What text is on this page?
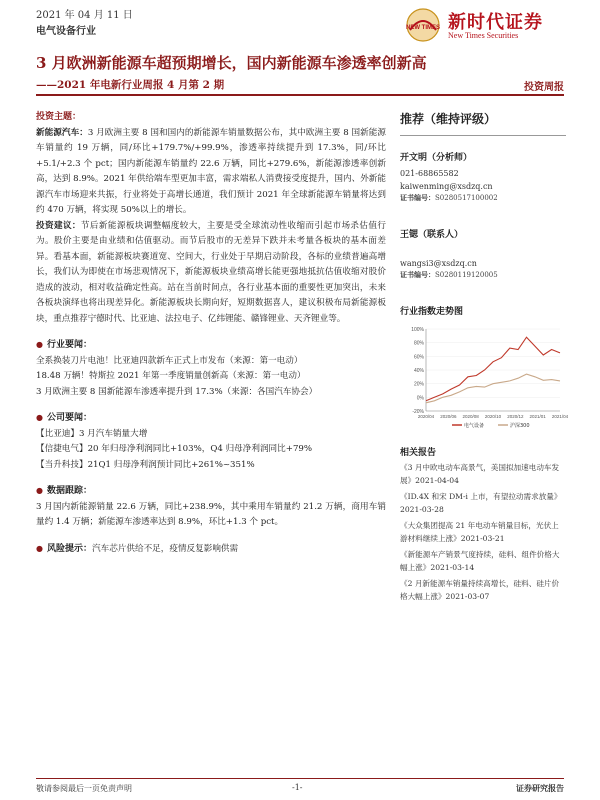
2021 年 04 月 11 日
电气设备行业	NEW TIMES 新时代证券
New Times Securities
3 月欧洲新能源车超预期增长，国内新能源车渗透率创新高
——2021 年电新行业周报 4 月第 2 期	投资周报
投资主题：

新能源汽车：3 月欧洲主要 8 国和国内的新能源车销量数据公布，其中欧洲主要 8 国新能源车销量约 19 万辆，同/环比+179.7%/+99.9%，渗透率持续提升到 17.3%，同/环比+5.1/+2.3 个 pct；国内新能源车销量约 22.6 万辆，同比+279.6%，新能源渗透率创新高，达到 8.9%。2021 年供给端车型更加丰富，需求端私人消费接受度提升，国内、外新能源汽车市场迎来共振，行业将处于高增长通道，我们预计 2021 年全球新能源车销量将达到约 470 万辆，将实现 50%以上的增长。

投资建议：节后新能源板块调整幅度较大，主要是受全球流动性收缩而引起市场杀估值行为。股价主要是由业绩和估值驱动。而节后股市的无差异下跌并未考量各板块的基本面差异。看基本面，新能源板块赛道宽、空间大，行业处于早期启动阶段，各标的业绩普遍高增长，我们认为即使在市场悲观情况下，新能源板块业绩高增长能更强地抵抗估值收缩对股价造成的波动，相对收益确定性高。站在当前时间点，各行业基本面的重要性更加突出，未来各板块演绎也将出现差异化。新能源板块长期向好，短期数据喜人，建议积极布局新能源板块，重点推荐宁德时代、比亚迪、法拉电子、亿纬锂能、赣锋锂业、天齐锂业等。

● 行业要闻：
全系换装刀片电池！比亚迪四款新车正式上市发布（来源：第一电动）
18.48 万辆！特斯拉 2021 年第一季度销量创新高（来源：第一电动）
3 月欧洲主要 8 国新能源车渗透率提升到 17.3%（来源：各国汽车协会）
● 公司要闻：
【比亚迪】3 月汽车销量大增
【信捷电气】20 年归母净利润同比+103%，Q4 归母净利润同比+79%
【当升科技】21Q1 归母净利润预计同比+261%~351%
● 数据跟踪：

3 月国内新能源销量 22.6 万辆，同比+238.9%，其中乘用车销量约 21.2 万辆，商用车销量约 1.4 万辆；新能源车渗透率达到 8.9%，环比+1.3 个 pct。

● 风险提示：汽车芯片供给不足，疫情反复影响供需
推荐（维持评级）
开文明（分析师）
021-68865582
kaiwenming@xsdzq.cn
证书编号：S0280517100002
王锶（联系人）
wangsi3@xsdzq.cn
证书编号：S0280119120005
行业指数走势图
100%
80%
60%
40%
20%
0%
-20%
2020/04 2020/06 2020/08 2020/10 2020/12 2021/01 2021/04
电气设备	沪深300
相关报告
《3 月中欧电动车高景气，美国拟加速电动车发展》2021-04-04
《ID.4X 和宋 DM-i 上市，有望拉动需求放量》2021-03-28
《大众集团提高 21 年电动车销量目标，光伏上游材料继续上涨》2021-03-21
《新能源车产销景气度持续，硅料、组件价格大幅上涨》2021-03-14
《2 月新能源车销量持续高增长，硅料、硅片价格大幅上涨》2021-03-07
敬请参阅最后一页免责声明	-1-	证券研究报告
